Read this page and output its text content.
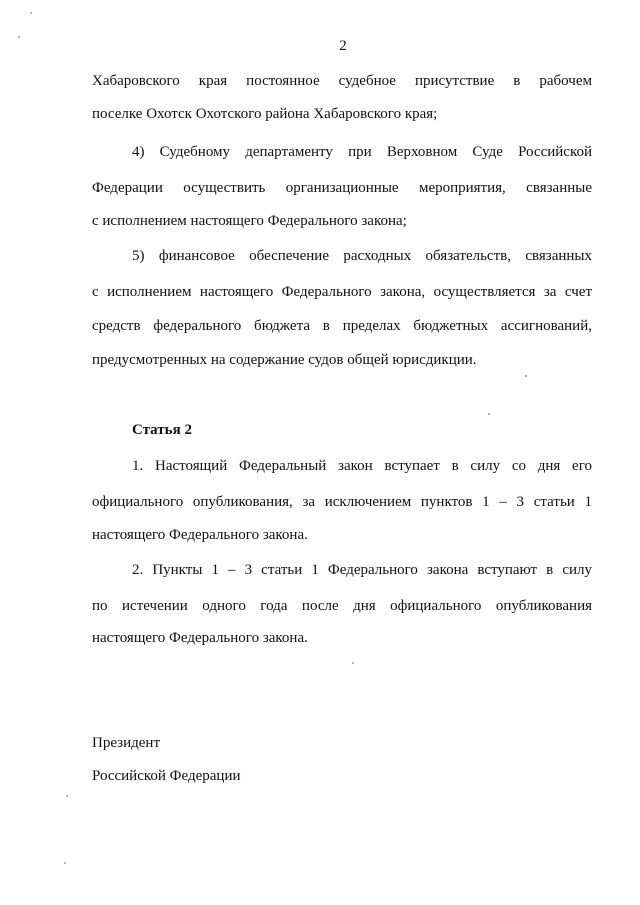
2
Хабаровского края постоянное судебное присутствие в рабочем
поселке Охотск Охотского района Хабаровского края;
4) Судебному департаменту при Верховном Суде Российской
Федерации осуществить организационные мероприятия, связанные
с исполнением настоящего Федерального закона;
5) финансовое обеспечение расходных обязательств, связанных
с исполнением настоящего Федерального закона, осуществляется за счет
средств федерального бюджета в пределах бюджетных ассигнований,
предусмотренных на содержание судов общей юрисдикции.
Статья 2
1. Настоящий Федеральный закон вступает в силу со дня его
официального опубликования, за исключением пунктов 1 – 3 статьи 1
настоящего Федерального закона.
2. Пункты 1 – 3 статьи 1 Федерального закона вступают в силу
по истечении одного года после дня официального опубликования
настоящего Федерального закона.
Президент
Российской Федерации
